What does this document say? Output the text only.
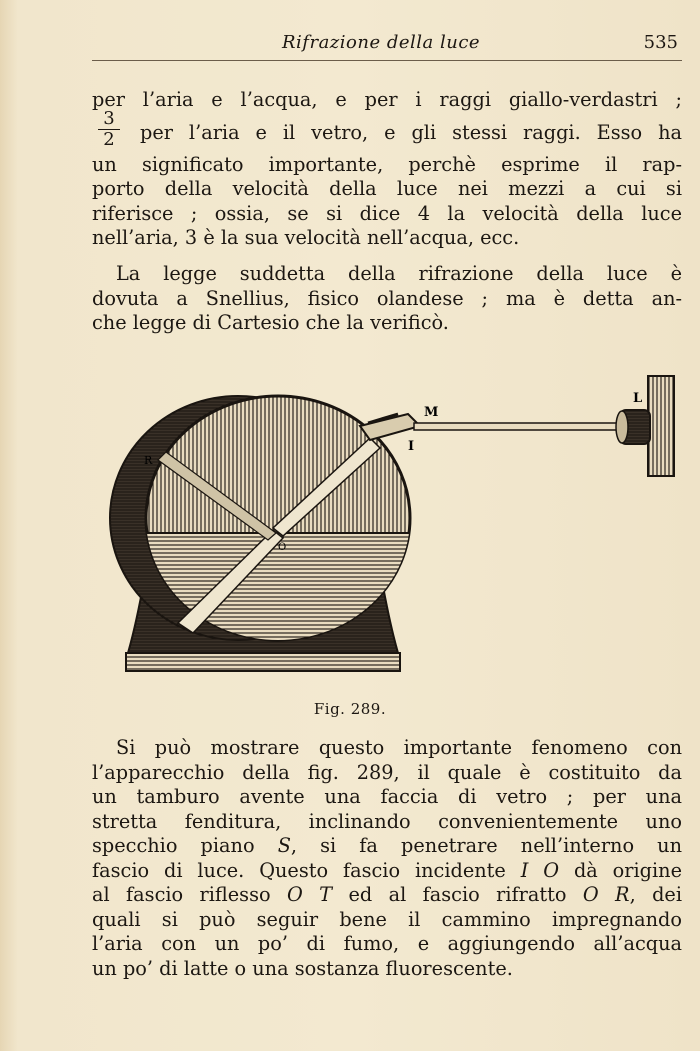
Rifrazione della luce	535
per l’aria e l’acqua, e per i raggi giallo-verdastri ;
$\frac{3}{2}$ per l’aria e il vetro, e gli stessi raggi. Esso ha
un significato importante, perchè esprime il rap-
porto della velocità della luce nei mezzi a cui si
riferisce ; ossia, se si dice 4 la velocità della luce
nell’aria, 3 è la sua velocità nell’acqua, ecc.
La legge suddetta della rifrazione della luce è
dovuta a Snellius, fisico olandese ; ma è detta an-
che legge di Cartesio che la verificò.
M
I
L
R
O
Fig. 289.
Si può mostrare questo importante fenomeno con
l’apparecchio della fig. 289, il quale è costituito da
un tamburo avente una faccia di vetro ; per una
stretta fenditura, inclinando convenientemente uno
specchio piano S, si fa penetrare nell’interno un
fascio di luce. Questo fascio incidente I O dà origine
al fascio riflesso O T ed al fascio rifratto O R, dei
quali si può seguir bene il cammino impregnando
l’aria con un po’ di fumo, e aggiungendo all’acqua
un po’ di latte o una sostanza fluorescente.
